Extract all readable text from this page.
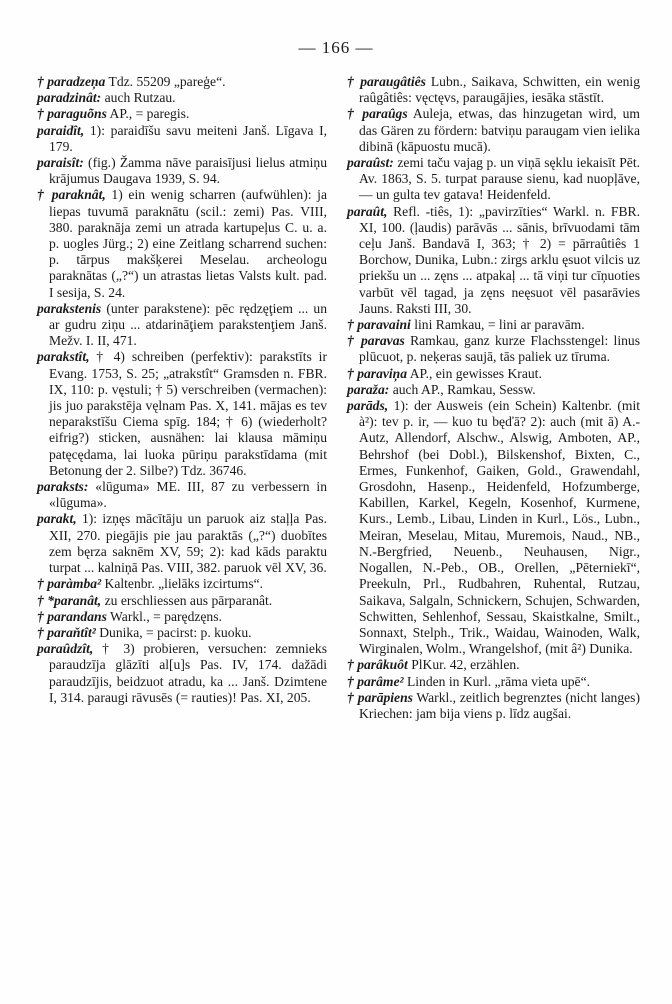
— 166 —

† paradzeņa Tdz. 55209 „pareģe“.

paradzinât: auch Rutzau.

† paraguõns AP., = paregis.

paraidît, 1): paraidīšu savu meiteni Janš. Līgava I, 179.

paraisît: (fig.) Žamma nāve paraisījusi lielus atmiņu krājumus Daugava 1939, S. 94.

† paraknât, 1) ein wenig scharren (aufwühlen): ja liepas tuvumā paraknātu (scil.: zemi) Pas. VIII, 380. paraknāja zemi un atrada kartupeļus C. u. a. p. uogles Jürg.; 2) eine Zeitlang scharrend suchen: p. tārpus makšķerei Meselau. archeologu paraknātas („?“) un atrastas lietas Valsts kult. pad. I sesija, S. 24.

parakstenis (unter parakstene): pēc rędzęţiem ... un ar gudru ziņu ... atdarināţiem parakstenţiem Janš. Mežv. I. II, 471.

parakstît, † 4) schreiben (perfektiv): parakstīts ir Evang. 1753, S. 25; „atrakstît“ Gramsden n. FBR. IX, 110: p. vęstuli; † 5) verschreiben (vermachen): jis juo parakstēja vęlnam Pas. X, 141. mājas es tev neparakstīšu Ciema spīg. 184; † 6) (wiederholt? eifrig?) sticken, ausnähen: lai klausa māmiņu patęcędama, lai luoka pūriņu parakstīdama (mit Betonung der 2. Silbe?) Tdz. 36746.

paraksts: «lūguma» ME. III, 87 zu verbessern in «lūguma».

parakt, 1): izņęs mācītāju un paruok aiz staļļa Pas. XII, 270. piegājis pie jau paraktās („?“) duobītes zem bęrza saknēm XV, 59; 2): kad kāds paraktu turpat ... kalniņā Pas. VIII, 382. paruok vēl XV, 36.

† paràmba² Kaltenbr. „lielāks izcirtums“.

† *paranât, zu erschliessen aus pārparanât.

† parandans Warkl., = parędzęns.

† paraňtît² Dunika, = pacirst: p. kuoku.

paraûdzît, † 3) probieren, versuchen: zemnieks paraudzīja glāzīti al[u]s Pas. IV, 174. dažādi paraudzījis, beidzuot atradu, ka ... Janš. Dzimtene I, 314. paraugi rāvusēs (= rauties)! Pas. XI, 205.

† paraugâtiês Lubn., Saikava, Schwitten, ein wenig raûgâtiês: vęctęvs, paraugājies, iesāka stāstīt.

† paraûgs Auleja, etwas, das hinzugetan wird, um das Gären zu fördern: batviņu paraugam vien ielika dibinā (kāpuostu mucā).

paraûst: zemi taču vajag p. un viņā sęklu iekaisīt Pēt. Av. 1863, S. 5. turpat parause sienu, kad nuopļāve, — un gulta tev gatava! Heidenfeld.

paraût, Refl. -tiês, 1): „pavirzīties“ Warkl. n. FBR. XI, 100. (ļaudis) parāvās ... sānis, brīvuodami tām ceļu Janš. Bandavā I, 363; † 2) = pārraûtiês 1 Borchow, Dunika, Lubn.: zirgs arklu ęsuot vilcis uz priekšu un ... zęns ... atpakaļ ... tā viņi tur cīņuoties varbūt vēl tagad, ja zęns neęsuot vēl pasarāvies Jauns. Raksti III, 30.

† paravaini lini Ramkau, = lini ar paravām.

† paravas Ramkau, ganz kurze Flachsstengel: linus plūcuot, p. neķeras saujā, tās paliek uz tīruma.

† paraviņa AP., ein gewisses Kraut.

paraža: auch AP., Ramkau, Sessw.

parāds, 1): der Ausweis (ein Schein) Kaltenbr. (mit à²): tev p. ir, — kuo tu bęďā? 2): auch (mit ā) A.-Autz, Allendorf, Alschw., Alswig, Amboten, AP., Behrshof (bei Dobl.), Bilskenshof, Bixten, C., Ermes, Funkenhof, Gaiken, Gold., Grawendahl, Grosdohn, Hasenp., Heidenfeld, Hofzumberge, Kabillen, Karkel, Kegeln, Kosenhof, Kurmene, Kurs., Lemb., Libau, Linden in Kurl., Lös., Lubn., Meiran, Meselau, Mitau, Muremois, Naud., NB., N.-Bergfried, Neuenb., Neuhausen, Nigr., Nogallen, N.-Peb., OB., Orellen, „Pēterniekī“, Preekuln, Prl., Rudbahren, Ruhental, Rutzau, Saikava, Salgaln, Schnickern, Schujen, Schwarden, Schwitten, Sehlenhof, Sessau, Skaistkalne, Smilt., Sonnaxt, Stelph., Trik., Waidau, Wainoden, Walk, Wirginalen, Wolm., Wrangelshof, (mit â²) Dunika.

† parâkuôt PlKur. 42, erzählen.

† parâme² Linden in Kurl. „rāma vieta upē“.

† parāpiens Warkl., zeitlich begrenztes (nicht langes) Kriechen: jam bija viens p. līdz augšai.
